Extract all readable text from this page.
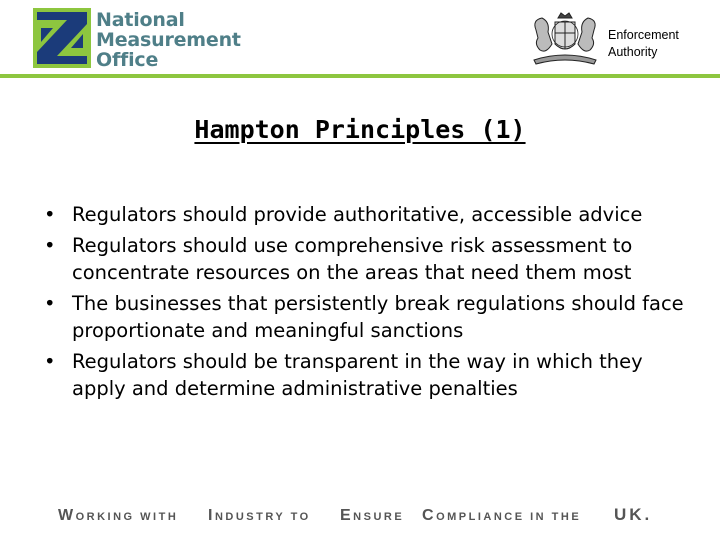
National
Measurement
Office
Enforcement
Authority
Hampton Principles (1)
• Regulators should provide authoritative, accessible advice
• Regulators should use comprehensive risk assessment to concentrate resources on the areas that need them most
• The businesses that persistently break regulations should face proportionate and meaningful sanctions
• Regulators should be transparent in the way in which they apply and determine administrative penalties
WORKING WITH INDUSTRY TO ENSURE COMPLIANCE IN THE UK.
